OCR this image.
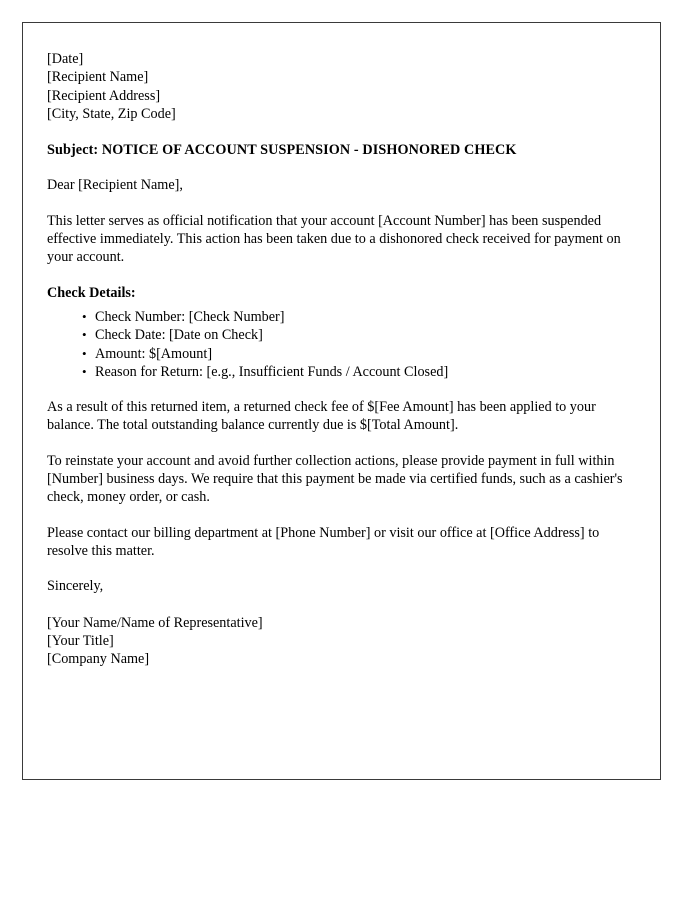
[Date]
[Recipient Name]
[Recipient Address]
[City, State, Zip Code]
Subject: NOTICE OF ACCOUNT SUSPENSION - DISHONORED CHECK
Dear [Recipient Name],
This letter serves as official notification that your account [Account Number] has been suspended effective immediately. This action has been taken due to a dishonored check received for payment on your account.
Check Details:
• Check Number: [Check Number]
• Check Date: [Date on Check]
• Amount: $[Amount]
• Reason for Return: [e.g., Insufficient Funds / Account Closed]
As a result of this returned item, a returned check fee of $[Fee Amount] has been applied to your balance. The total outstanding balance currently due is $[Total Amount].
To reinstate your account and avoid further collection actions, please provide payment in full within [Number] business days. We require that this payment be made via certified funds, such as a cashier's check, money order, or cash.
Please contact our billing department at [Phone Number] or visit our office at [Office Address] to resolve this matter.
Sincerely,
[Your Name/Name of Representative]
[Your Title]
[Company Name]
